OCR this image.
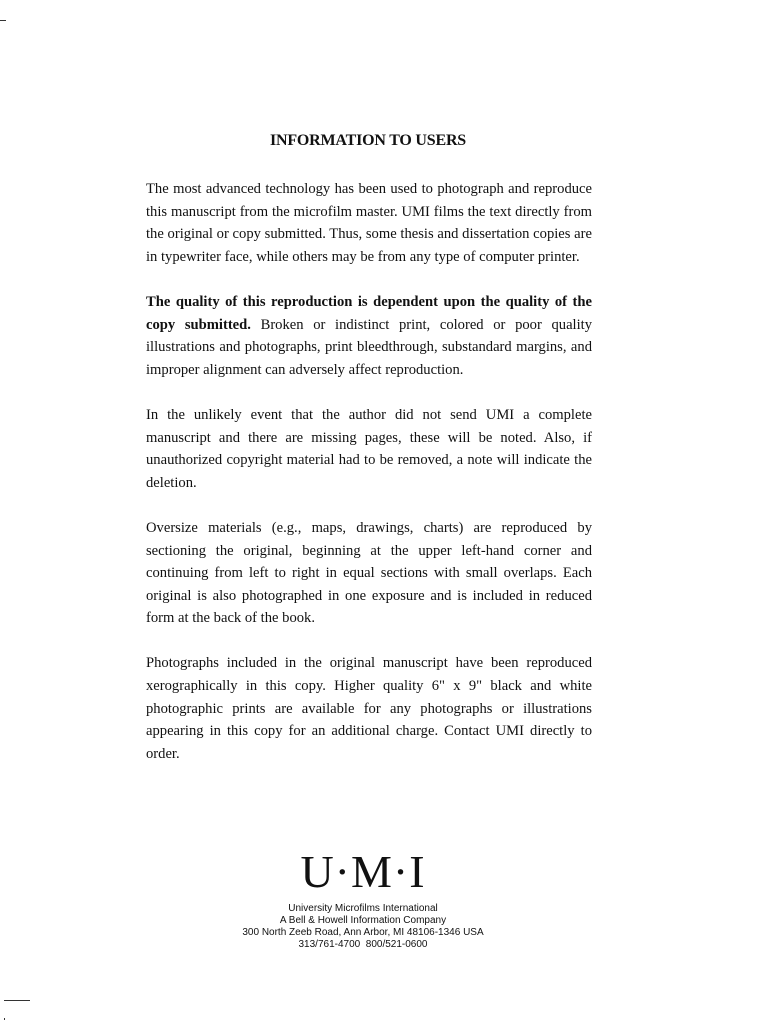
INFORMATION TO USERS

The most advanced technology has been used to photograph and reproduce this manuscript from the microfilm master. UMI films the text directly from the original or copy submitted. Thus, some thesis and dissertation copies are in typewriter face, while others may be from any type of computer printer.

The quality of this reproduction is dependent upon the quality of the copy submitted. Broken or indistinct print, colored or poor quality illustrations and photographs, print bleedthrough, substandard margins, and improper alignment can adversely affect reproduction.

In the unlikely event that the author did not send UMI a complete manuscript and there are missing pages, these will be noted. Also, if unauthorized copyright material had to be removed, a note will indicate the deletion.

Oversize materials (e.g., maps, drawings, charts) are reproduced by sectioning the original, beginning at the upper left-hand corner and continuing from left to right in equal sections with small overlaps. Each original is also photographed in one exposure and is included in reduced form at the back of the book.

Photographs included in the original manuscript have been reproduced xerographically in this copy. Higher quality 6" x 9" black and white photographic prints are available for any photographs or illustrations appearing in this copy for an additional charge. Contact UMI directly to order.

U·M·I
University Microfilms International
A Bell & Howell Information Company
300 North Zeeb Road, Ann Arbor, MI 48106-1346 USA
313/761-4700  800/521-0600
